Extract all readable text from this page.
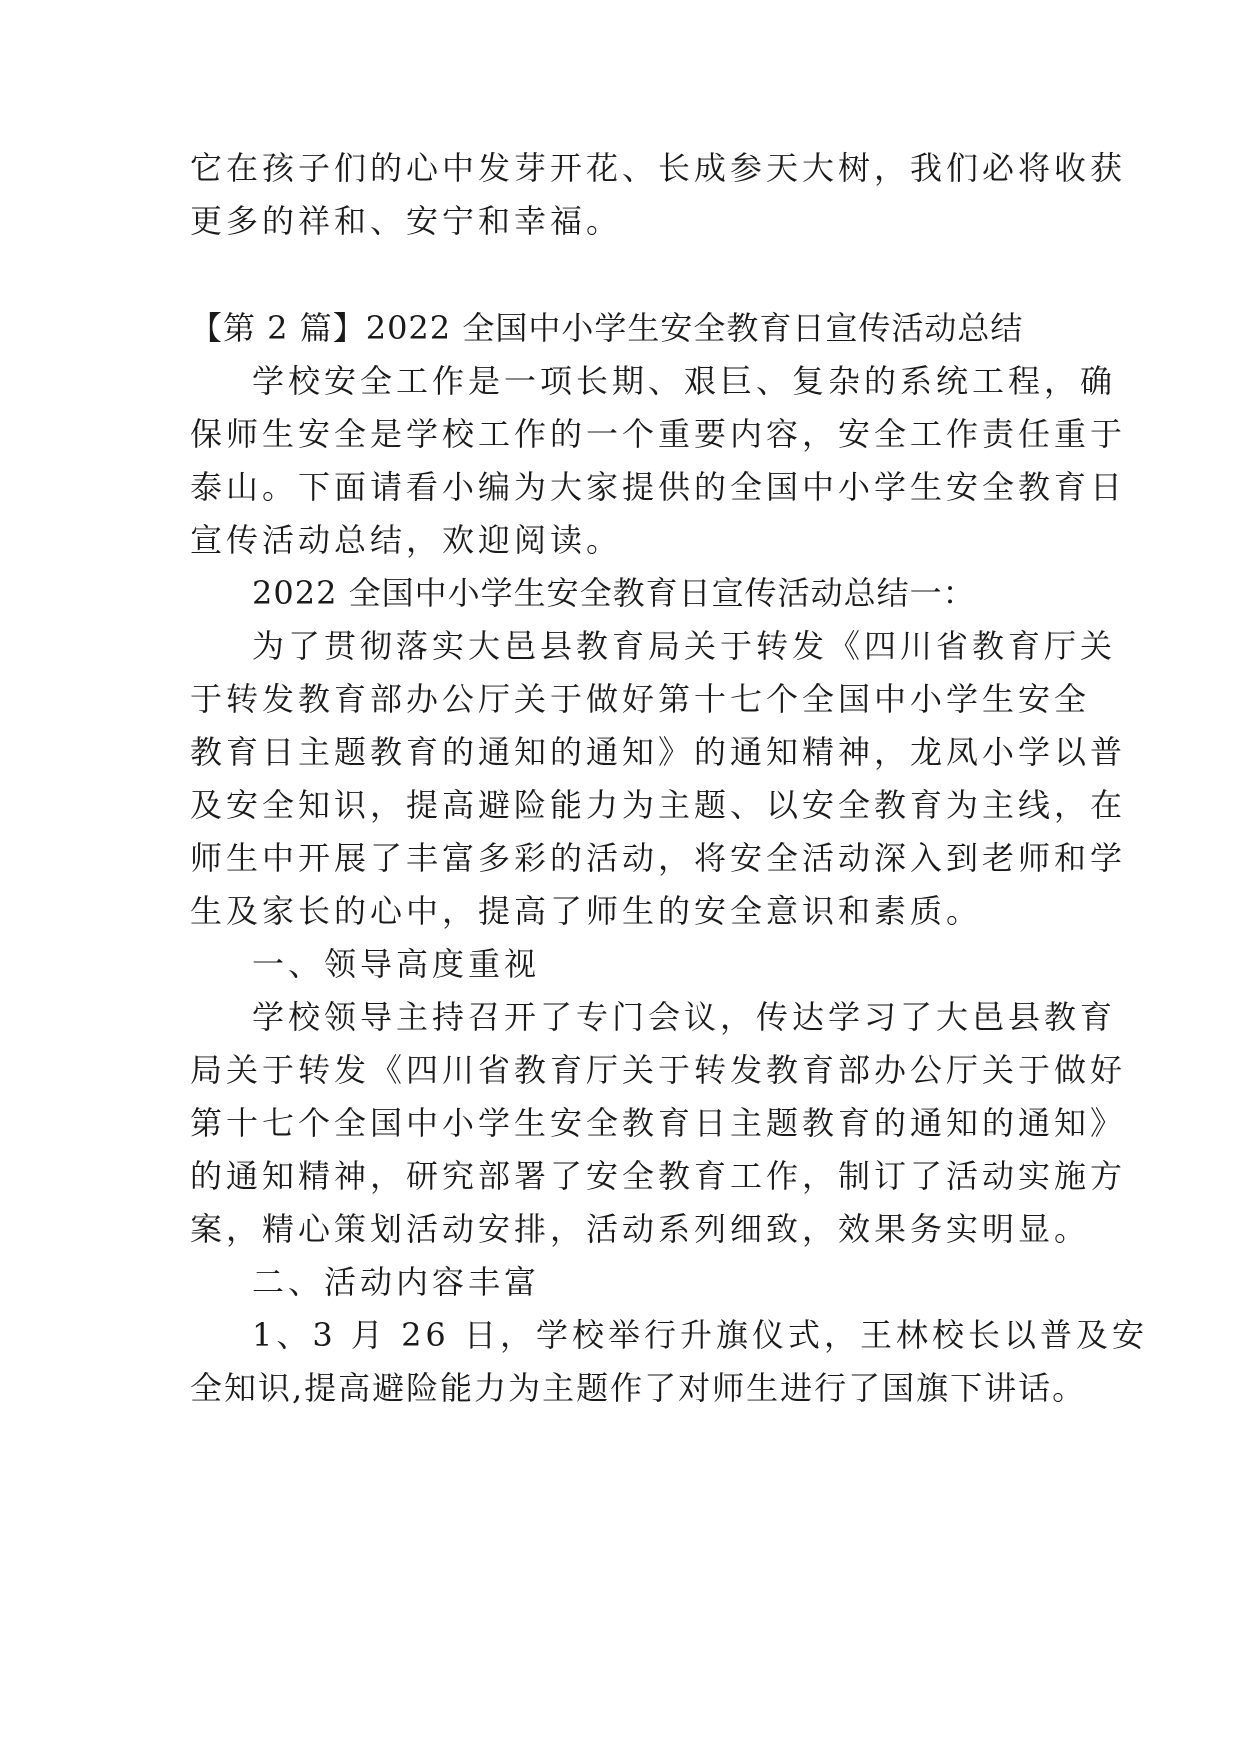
它在孩子们的心中发芽开花、长成参天大树，我们必将收获
更多的祥和、安宁和幸福。
【第 2 篇】2022 全国中小学生安全教育日宣传活动总结
学校安全工作是一项长期、艰巨、复杂的系统工程，确
保师生安全是学校工作的一个重要内容，安全工作责任重于
泰山。下面请看小编为大家提供的全国中小学生安全教育日
宣传活动总结，欢迎阅读。
2022 全国中小学生安全教育日宣传活动总结一：
为了贯彻落实大邑县教育局关于转发《四川省教育厅关
于转发教育部办公厅关于做好第十七个全国中小学生安全
教育日主题教育的通知的通知》的通知精神，龙凤小学以普
及安全知识，提高避险能力为主题、以安全教育为主线，在
师生中开展了丰富多彩的活动，将安全活动深入到老师和学
生及家长的心中，提高了师生的安全意识和素质。
一、领导高度重视
学校领导主持召开了专门会议，传达学习了大邑县教育
局关于转发《四川省教育厅关于转发教育部办公厅关于做好
第十七个全国中小学生安全教育日主题教育的通知的通知》
的通知精神，研究部署了安全教育工作，制订了活动实施方
案，精心策划活动安排，活动系列细致，效果务实明显。
二、活动内容丰富
1、3 月 26 日，学校举行升旗仪式，王林校长以普及安
全知识,提高避险能力为主题作了对师生进行了国旗下讲话。
